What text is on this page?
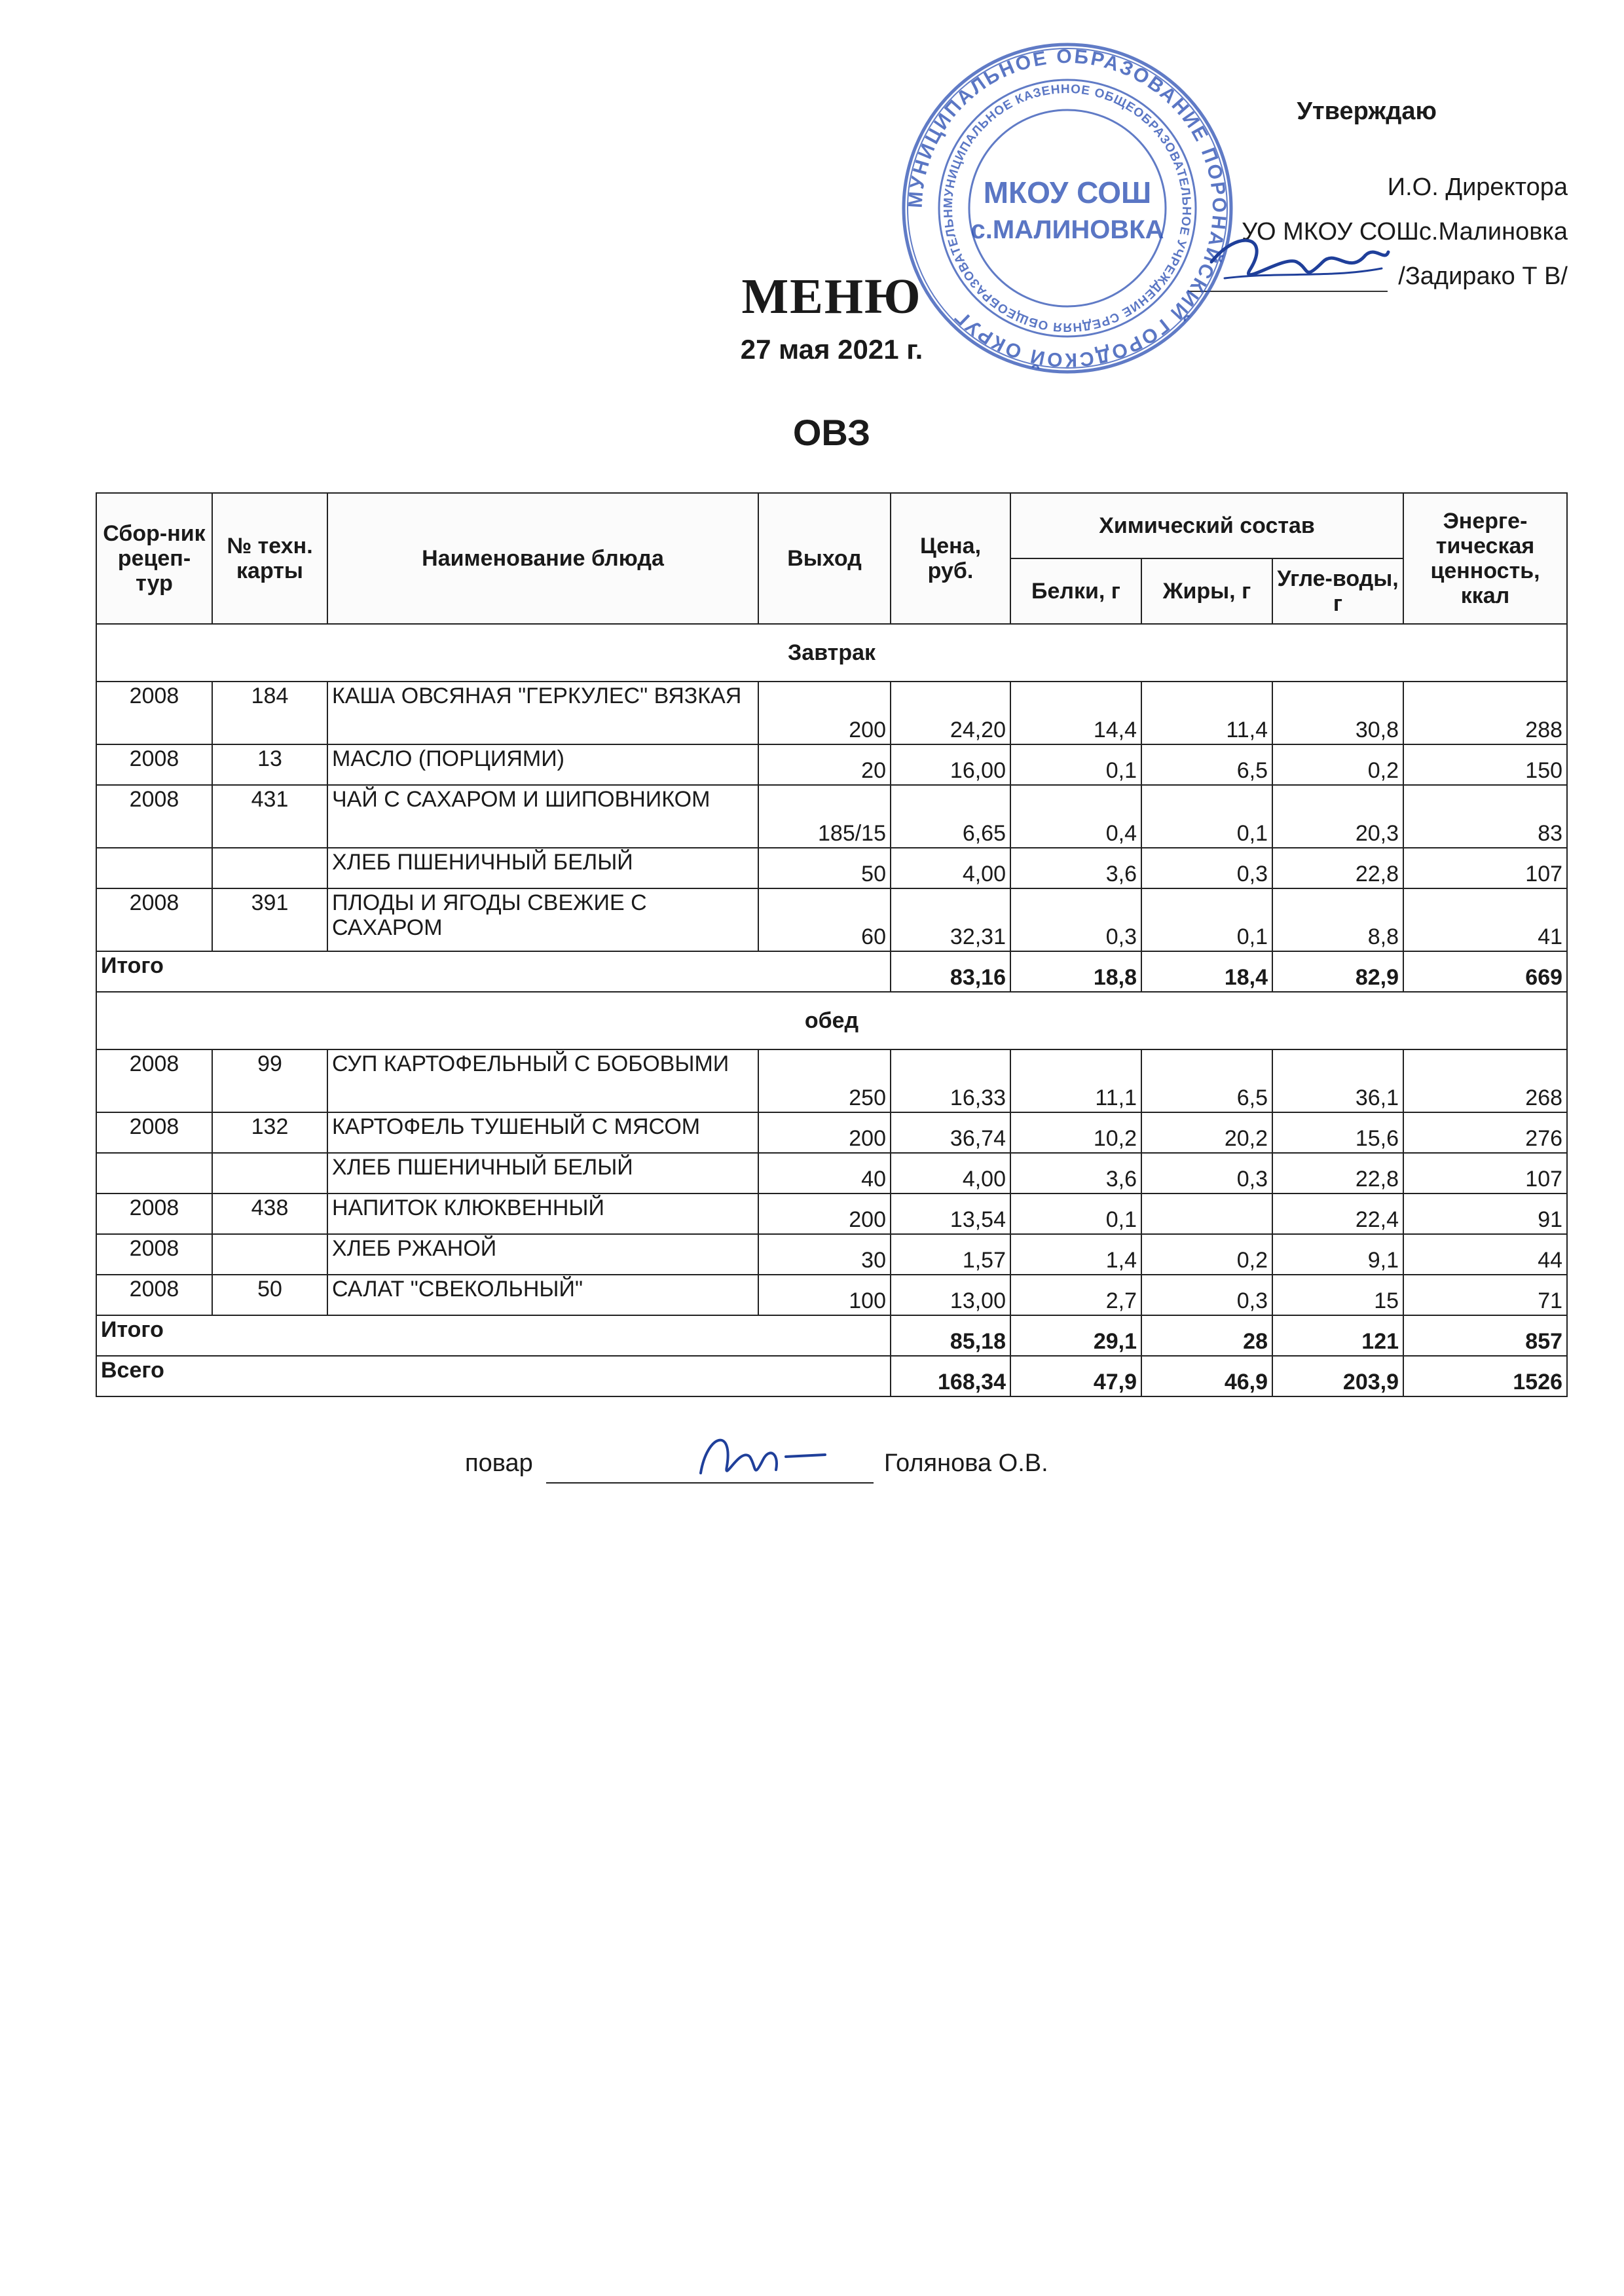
Утверждаю
И.О. Директора
УО МКОУ СОШс.Малиновка
/Задирако Т В/
МУНИЦИПАЛЬНОЕ ОБРАЗОВАНИЕ ПОРОНАЙСКИЙ ГОРОДСКОЙ ОКРУГ
МУНИЦИПАЛЬНОЕ КАЗЕННОЕ ОБЩЕОБРАЗОВАТЕЛЬНОЕ УЧРЕЖДЕНИЕ СРЕДНЯЯ ОБЩЕОБРАЗОВАТЕЛЬН
МКОУ СОШ
с.МАЛИНОВКА
МЕНЮ
27 мая 2021 г.
ОВЗ
Сбор-ник рецеп-тур	№ техн. карты	Наименование блюда	Выход	Цена, руб.	Химический состав			Энерге-тическая ценность, ккал
					Белки, г	Жиры, г	Угле-воды, г	
Завтрак								
2008	184	КАША ОВСЯНАЯ "ГЕРКУЛЕС" ВЯЗКАЯ	200	24,20	14,4	11,4	30,8	288
2008	13	МАСЛО (ПОРЦИЯМИ)	20	16,00	0,1	6,5	0,2	150
2008	431	ЧАЙ С САХАРОМ И ШИПОВНИКОМ	185/15	6,65	0,4	0,1	20,3	83
		ХЛЕБ ПШЕНИЧНЫЙ БЕЛЫЙ	50	4,00	3,6	0,3	22,8	107
2008	391	ПЛОДЫ И ЯГОДЫ СВЕЖИЕ С САХАРОМ	60	32,31	0,3	0,1	8,8	41
Итого				83,16	18,8	18,4	82,9	669
обед								
2008	99	СУП КАРТОФЕЛЬНЫЙ С БОБОВЫМИ	250	16,33	11,1	6,5	36,1	268
2008	132	КАРТОФЕЛЬ ТУШЕНЫЙ С МЯСОМ	200	36,74	10,2	20,2	15,6	276
		ХЛЕБ ПШЕНИЧНЫЙ БЕЛЫЙ	40	4,00	3,6	0,3	22,8	107
2008	438	НАПИТОК КЛЮКВЕННЫЙ	200	13,54	0,1		22,4	91
2008		ХЛЕБ РЖАНОЙ	30	1,57	1,4	0,2	9,1	44
2008	50	САЛАТ "СВЕКОЛЬНЫЙ"	100	13,00	2,7	0,3	15	71
Итого				85,18	29,1	28	121	857
Всего				168,34	47,9	46,9	203,9	1526
повар	Голянова О.В.
